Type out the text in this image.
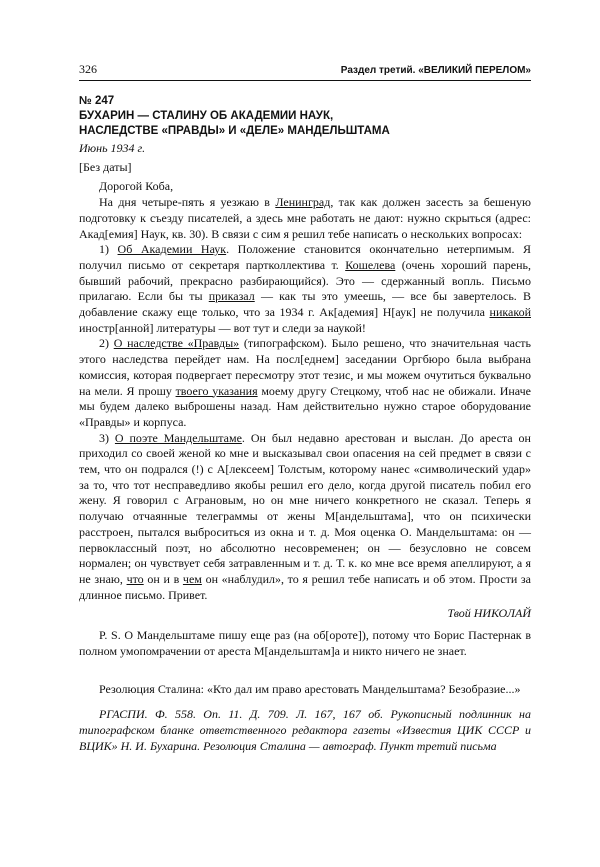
326	Раздел третий. «ВЕЛИКИЙ ПЕРЕЛОМ»
№ 247
БУХАРИН — СТАЛИНУ ОБ АКАДЕМИИ НАУК,
НАСЛЕДСТВЕ «ПРАВДЫ» И «ДЕЛЕ» МАНДЕЛЬШТАМА
Июнь 1934 г.
[Без даты]
Дорогой Коба,

На дня четыре-пять я уезжаю в Ленинград, так как должен засесть за бешеную подготовку к съезду писателей, а здесь мне работать не дают: нужно скрыться (адрес: Акад[емия] Наук, кв. 30). В связи с сим я решил тебе написать о нескольких вопросах:

1) Об Академии Наук. Положение становится окончательно нетерпимым. Я получил письмо от секретаря партколлектива т. Кошелева (очень хороший парень, бывший рабочий, прекрасно разбирающийся). Это — сдержанный вопль. Письмо прилагаю. Если бы ты приказал — как ты это умеешь, — все бы завертелось. В добавление скажу еще только, что за 1934 г. Ак[адемия] Н[аук] не получила никакой иностр[анной] литературы — вот тут и следи за наукой!

2) О наследстве «Правды» (типографском). Было решено, что значительная часть этого наследства перейдет нам. На посл[еднем] заседании Оргбюро была выбрана комиссия, которая подвергает пересмотру этот тезис, и мы можем очутиться буквально на мели. Я прошу твоего указания моему другу Стецкому, чтоб нас не обижали. Иначе мы будем далеко выброшены назад. Нам действительно нужно старое оборудование «Правды» и корпуса.

3) О поэте Мандельштаме. Он был недавно арестован и выслан. До ареста он приходил со своей женой ко мне и высказывал свои опасения на сей предмет в связи с тем, что он подрался (!) с А[лексеем] Толстым, которому нанес «символический удар» за то, что тот несправедливо якобы решил его дело, когда другой писатель побил его жену. Я говорил с Аграновым, но он мне ничего конкретного не сказал. Теперь я получаю отчаянные телеграммы от жены М[андельштама], что он психически расстроен, пытался выброситься из окна и т. д. Моя оценка О. Мандельштама: он — первоклассный поэт, но абсолютно несовременен; он — безусловно не совсем нормален; он чувствует себя затравленным и т. д. Т. к. ко мне все время апеллируют, а я не знаю, что он и в чем он «наблудил», то я решил тебе написать и об этом. Прости за длинное письмо. Привет.

Твой НИКОЛАЙ

P. S. О Мандельштаме пишу еще раз (на об[ороте]), потому что Борис Пастернак в полном умопомрачении от ареста М[андельштам]а и никто ничего не знает.

Резолюция Сталина: «Кто дал им право арестовать Мандельштама? Безобразие...»

РГАСПИ. Ф. 558. Оп. 11. Д. 709. Л. 167, 167 об. Рукописный подлинник на типографском бланке ответственного редактора газеты «Известия ЦИК СССР и ВЦИК» Н. И. Бухарина. Резолюция Сталина — автограф. Пункт третий письма
